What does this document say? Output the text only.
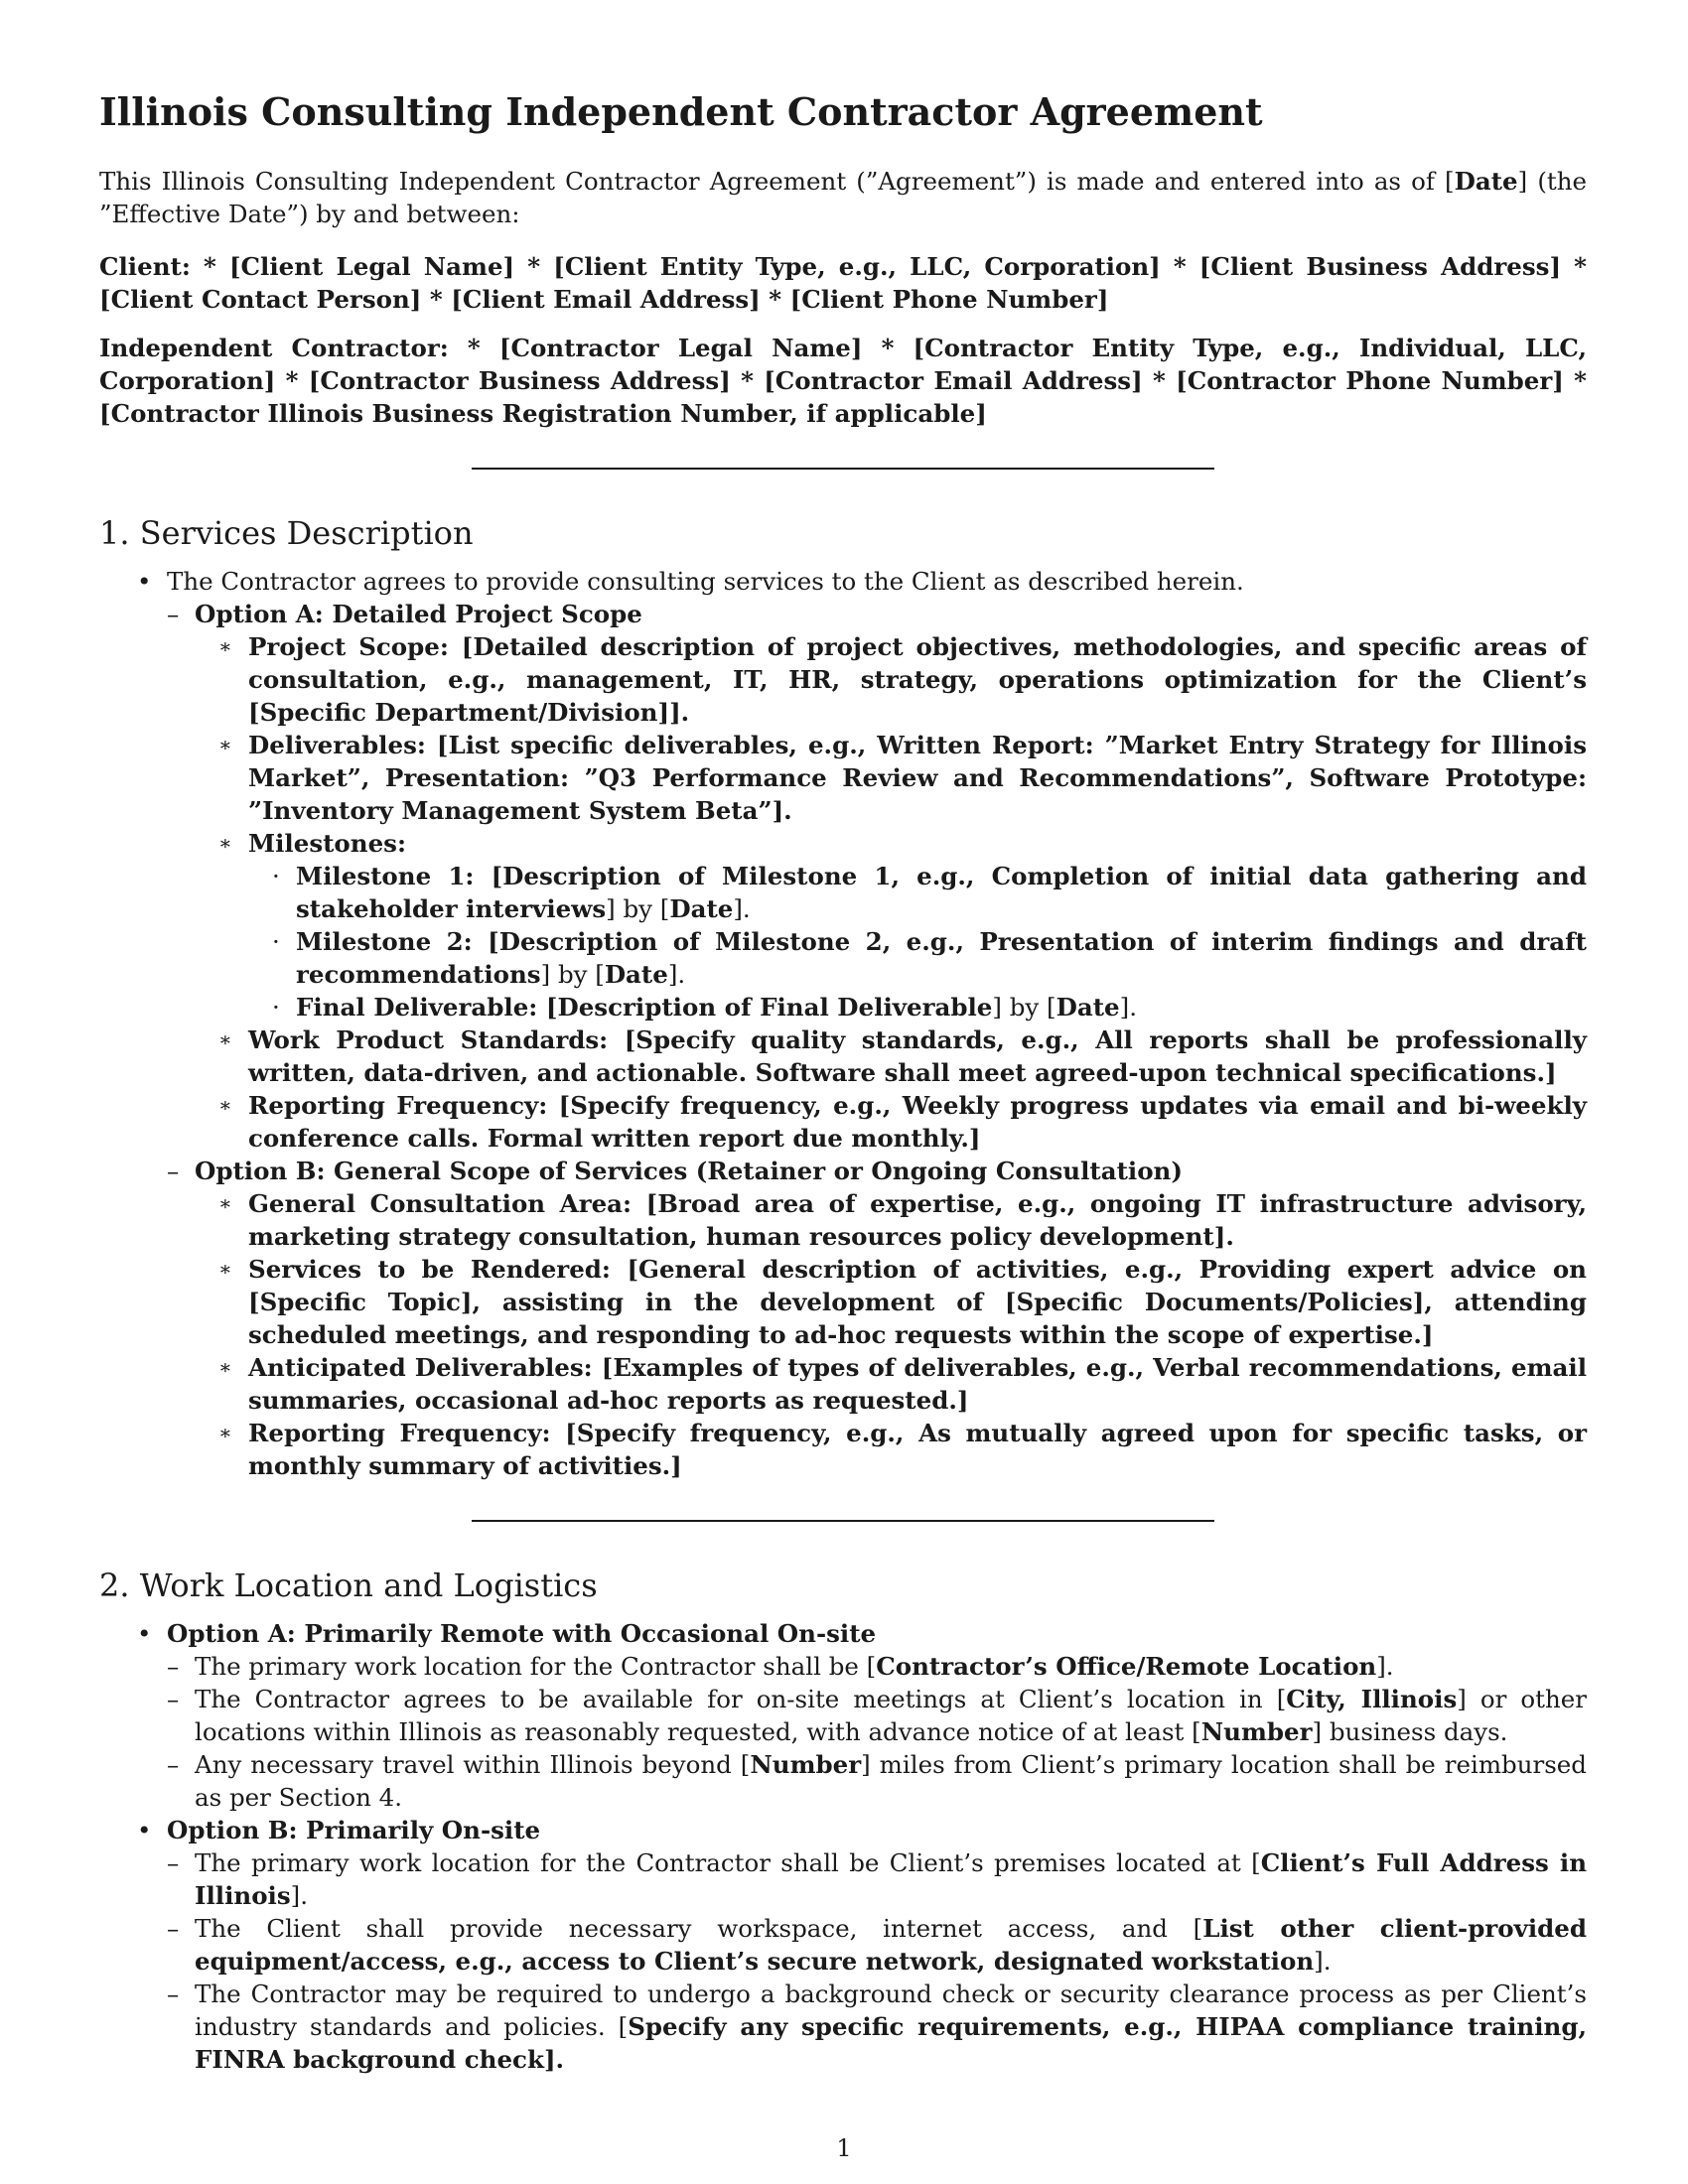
Illinois Consulting Independent Contractor Agreement

This Illinois Consulting Independent Contractor Agreement (”Agreement”) is made and entered into as of [Date] (the ”Effective Date”) by and between:

Client: * [Client Legal Name] * [Client Entity Type, e.g., LLC, Corporation] * [Client Business Address] * [Client Contact Person] * [Client Email Address] * [Client Phone Number]

Independent Contractor: * [Contractor Legal Name] * [Contractor Entity Type, e.g., Individual, LLC, Corporation] * [Contractor Business Address] * [Contractor Email Address] * [Contractor Phone Number] * [Contractor Illinois Business Registration Number, if applicable]

1. Services Description
• The Contractor agrees to provide consulting services to the Client as described herein.
– Option A: Detailed Project Scope
∗ Project Scope: [Detailed description of project objectives, methodologies, and specific areas of consultation, e.g., management, IT, HR, strategy, operations optimization for the Client’s [Specific Department/Division]].
∗ Deliverables: [List specific deliverables, e.g., Written Report: ”Market Entry Strategy for Illinois Market”, Presentation: ”Q3 Performance Review and Recommendations”, Software Prototype: ”Inventory Management System Beta”].
∗ Milestones:
· Milestone 1: [Description of Milestone 1, e.g., Completion of initial data gathering and stakeholder interviews] by [Date].
· Milestone 2: [Description of Milestone 2, e.g., Presentation of interim findings and draft recommendations] by [Date].
· Final Deliverable: [Description of Final Deliverable] by [Date].
∗ Work Product Standards: [Specify quality standards, e.g., All reports shall be professionally written, data-driven, and actionable. Software shall meet agreed-upon technical specifications.]
∗ Reporting Frequency: [Specify frequency, e.g., Weekly progress updates via email and bi-weekly conference calls. Formal written report due monthly.]
– Option B: General Scope of Services (Retainer or Ongoing Consultation)
∗ General Consultation Area: [Broad area of expertise, e.g., ongoing IT infrastructure advisory, marketing strategy consultation, human resources policy development].
∗ Services to be Rendered: [General description of activities, e.g., Providing expert advice on [Specific Topic], assisting in the development of [Specific Documents/Policies], attending scheduled meetings, and responding to ad-hoc requests within the scope of expertise.]
∗ Anticipated Deliverables: [Examples of types of deliverables, e.g., Verbal recommendations, email summaries, occasional ad-hoc reports as requested.]
∗ Reporting Frequency: [Specify frequency, e.g., As mutually agreed upon for specific tasks, or monthly summary of activities.]
2. Work Location and Logistics
• Option A: Primarily Remote with Occasional On-site
– The primary work location for the Contractor shall be [Contractor’s Office/Remote Location].
– The Contractor agrees to be available for on-site meetings at Client’s location in [City, Illinois] or other locations within Illinois as reasonably requested, with advance notice of at least [Number] business days.
– Any necessary travel within Illinois beyond [Number] miles from Client’s primary location shall be reimbursed as per Section 4.
• Option B: Primarily On-site
– The primary work location for the Contractor shall be Client’s premises located at [Client’s Full Address in Illinois].
– The Client shall provide necessary workspace, internet access, and [List other client-provided equipment/access, e.g., access to Client’s secure network, designated workstation].
– The Contractor may be required to undergo a background check or security clearance process as per Client’s industry standards and policies. [Specify any specific requirements, e.g., HIPAA compliance training, FINRA background check].
1
